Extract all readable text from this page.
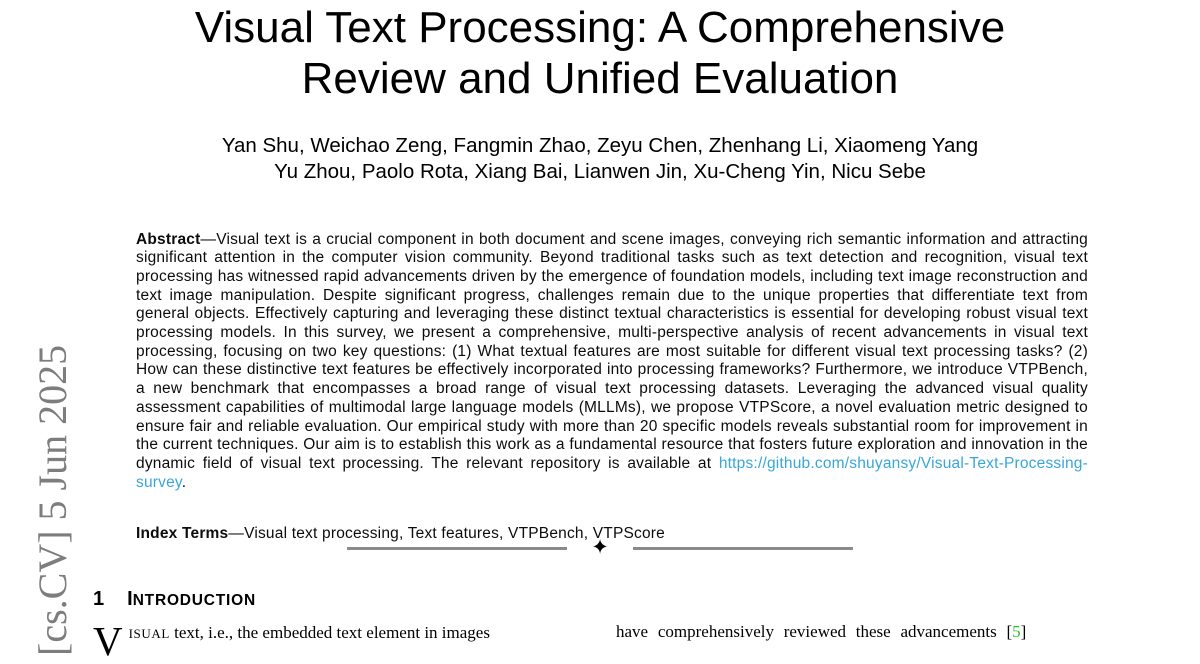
[cs.CV] 5 Jun 2025
Visual Text Processing: A Comprehensive
Review and Unified Evaluation
Yan Shu, Weichao Zeng, Fangmin Zhao, Zeyu Chen, Zhenhang Li, Xiaomeng Yang
Yu Zhou, Paolo Rota, Xiang Bai, Lianwen Jin, Xu-Cheng Yin, Nicu Sebe

Abstract—Visual text is a crucial component in both document and scene images, conveying rich semantic information and attracting significant attention in the computer vision community. Beyond traditional tasks such as text detection and recognition, visual text processing has witnessed rapid advancements driven by the emergence of foundation models, including text image reconstruction and text image manipulation. Despite significant progress, challenges remain due to the unique properties that differentiate text from general objects. Effectively capturing and leveraging these distinct textual characteristics is essential for developing robust visual text processing models. In this survey, we present a comprehensive, multi-perspective analysis of recent advancements in visual text processing, focusing on two key questions: (1) What textual features are most suitable for different visual text processing tasks? (2) How can these distinctive text features be effectively incorporated into processing frameworks? Furthermore, we introduce VTPBench, a new benchmark that encompasses a broad range of visual text processing datasets. Leveraging the advanced visual quality assessment capabilities of multimodal large language models (MLLMs), we propose VTPScore, a novel evaluation metric designed to ensure fair and reliable evaluation. Our empirical study with more than 20 specific models reveals substantial room for improvement in the current techniques. Our aim is to establish this work as a fundamental resource that fosters future exploration and innovation in the dynamic field of visual text processing. The relevant repository is available at https://github.com/shuyansy/Visual-Text-Processing-survey.

Index Terms—Visual text processing, Text features, VTPBench, VTPScore

✦
1 INTRODUCTION

VISUAL text, i.e., the embedded text element in images	have comprehensively reviewed these advancements [5]
